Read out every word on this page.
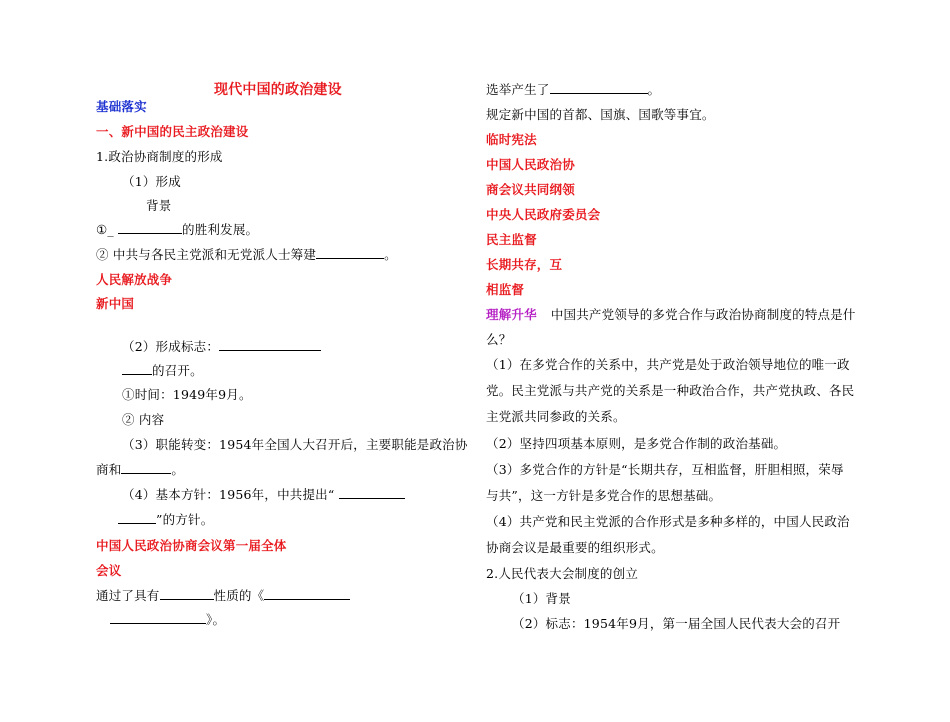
现代中国的政治建设
基础落实
一、新中国的民主政治建设
1.政治协商制度的形成
（1）形成
背景
①_	的胜利发展。
② 中共与各民主党派和无党派人士筹建	。
人民解放战争
新中国
（2）形成标志：
的召开。
①时间：1949年9月。
② 内容
（3）职能转变：1954年全国人大召开后，主要职能是政治协
商和	。
（4）基本方针：1956年，中共提出“
”的方针。
中国人民政治协商会议第一届全体
会议
通过了具有	性质的《
》。
选举产生了	。
规定新中国的首都、国旗、国歌等事宜。
临时宪法
中国人民政治协
商会议共同纲领
中央人民政府委员会
民主监督
长期共存，互
相监督
理解升华 中国共产党领导的多党合作与政治协商制度的特点是什
么？
（1）在多党合作的关系中，共产党是处于政治领导地位的唯一政
党。民主党派与共产党的关系是一种政治合作，共产党执政、各民
主党派共同参政的关系。
（2）坚持四项基本原则，是多党合作制的政治基础。
（3）多党合作的方针是“长期共存，互相监督，肝胆相照，荣辱
与共”，这一方针是多党合作的思想基础。
（4）共产党和民主党派的合作形式是多种多样的，中国人民政治
协商会议是最重要的组织形式。
2.人民代表大会制度的创立
（1）背景
（2）标志：1954年9月，第一届全国人民代表大会的召开
